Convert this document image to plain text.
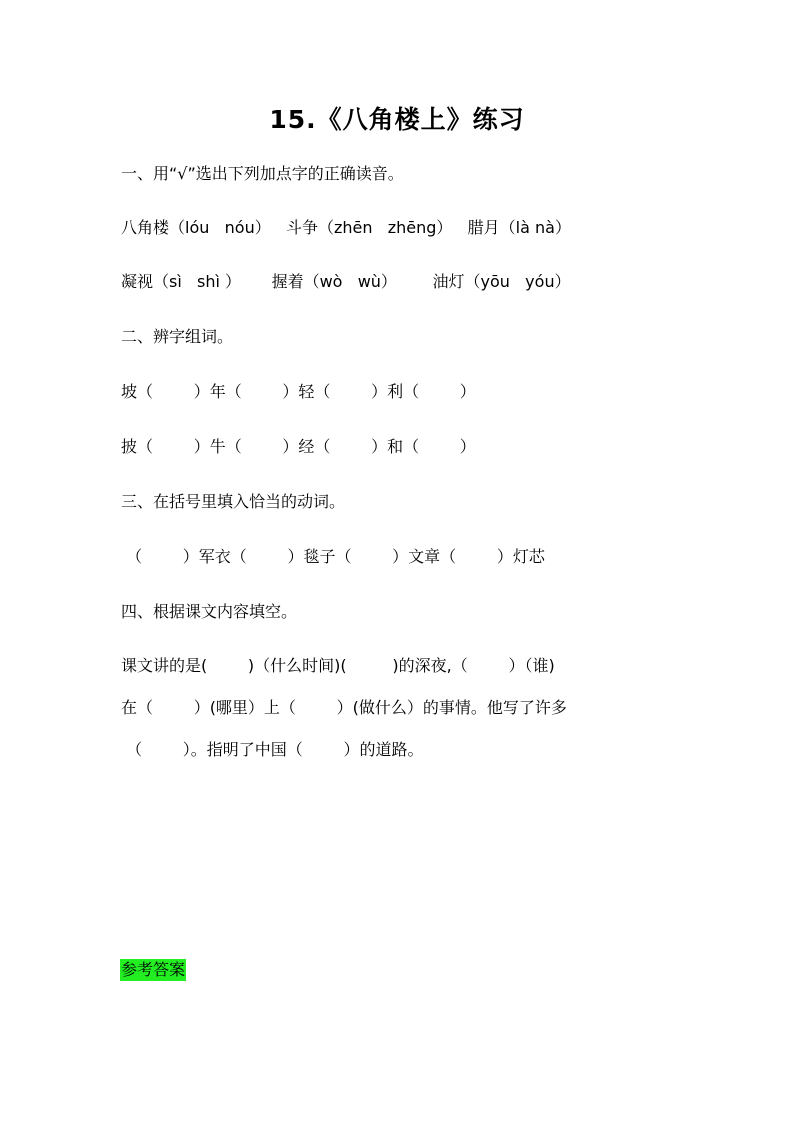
15.《八角楼上》练习
一、用“√”选出下列加点字的正确读音。
八角楼（lóu   nóu）   斗争（zhēn   zhēng）   腊月（là nà）
凝视（sì   shì ）      握着（wò   wù）       油灯（yōu   yóu）
二、辨字组词。
坡（        ）年（        ）轻（        ）利（        ）
披（        ）牛（        ）经（        ）和（        ）
三、在括号里填入恰当的动词。
（        ）军衣（        ）毯子（        ）文章（        ）灯芯
四、根据课文内容填空。
课文讲的是(        )（什么时间)(         )的深夜,（        ）（谁)
在（        ）(哪里）上（        ）(做什么）的事情。他写了许多
（        ）。指明了中国（        ）的道路。
参考答案
